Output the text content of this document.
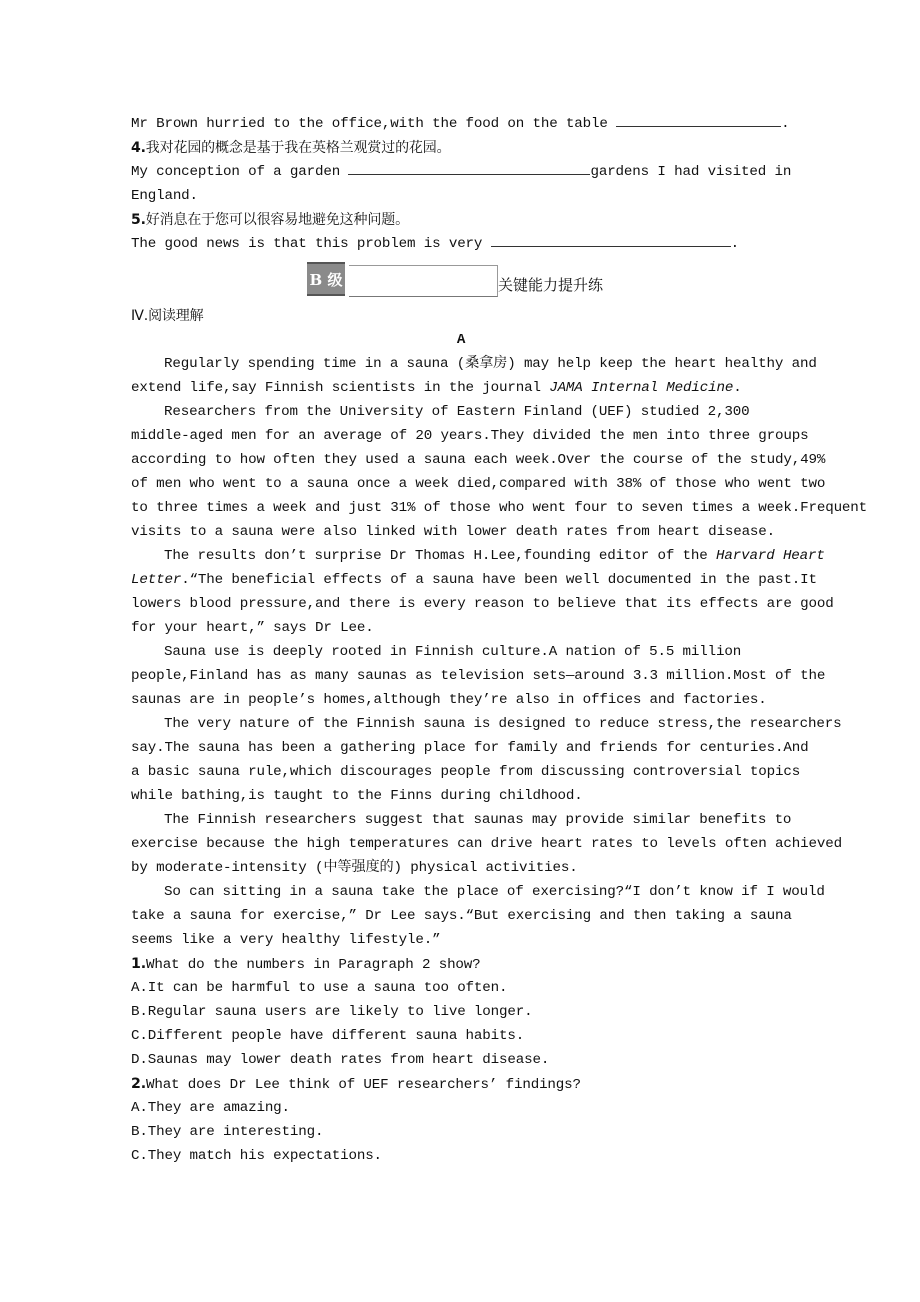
Mr Brown hurried to the office,with the food on the table	.
4.我对花园的概念是基于我在英格兰观赏过的花园。
My conception of a garden	gardens I had visited in
England.
5.好消息在于您可以很容易地避免这种问题。
The good news is that this problem is very	.
B 级	关键能力提升练
Ⅳ.阅读理解
A
Regularly spending time in a sauna (桑拿房) may help keep the heart healthy and
extend life,say Finnish scientists in the journal JAMA Internal Medicine.
Researchers from the University of Eastern Finland (UEF) studied 2,300
middle-aged men for an average of 20 years.They divided the men into three groups
according to how often they used a sauna each week.Over the course of the study,49%
of men who went to a sauna once a week died,compared with 38% of those who went two
to three times a week and just 31% of those who went four to seven times a week.Frequent
visits to a sauna were also linked with lower death rates from heart disease.
The results don’t surprise Dr Thomas H.Lee,founding editor of the Harvard Heart
Letter.“The beneficial effects of a sauna have been well documented in the past.It
lowers blood pressure,and there is every reason to believe that its effects are good
for your heart,” says Dr Lee.
Sauna use is deeply rooted in Finnish culture.A nation of 5.5 million
people,Finland has as many saunas as television sets—around 3.3 million.Most of the
saunas are in people’s homes,although they’re also in offices and factories.
The very nature of the Finnish sauna is designed to reduce stress,the researchers
say.The sauna has been a gathering place for family and friends for centuries.And
a basic sauna rule,which discourages people from discussing controversial topics
while bathing,is taught to the Finns during childhood.
The Finnish researchers suggest that saunas may provide similar benefits to
exercise because the high temperatures can drive heart rates to levels often achieved
by moderate-intensity (中等强度的) physical activities.
So can sitting in a sauna take the place of exercising?“I don’t know if I would
take a sauna for exercise,” Dr Lee says.“But exercising and then taking a sauna
seems like a very healthy lifestyle.”
1.What do the numbers in Paragraph 2 show?
A.It can be harmful to use a sauna too often.
B.Regular sauna users are likely to live longer.
C.Different people have different sauna habits.
D.Saunas may lower death rates from heart disease.
2.What does Dr Lee think of UEF researchers’ findings?
A.They are amazing.
B.They are interesting.
C.They match his expectations.
